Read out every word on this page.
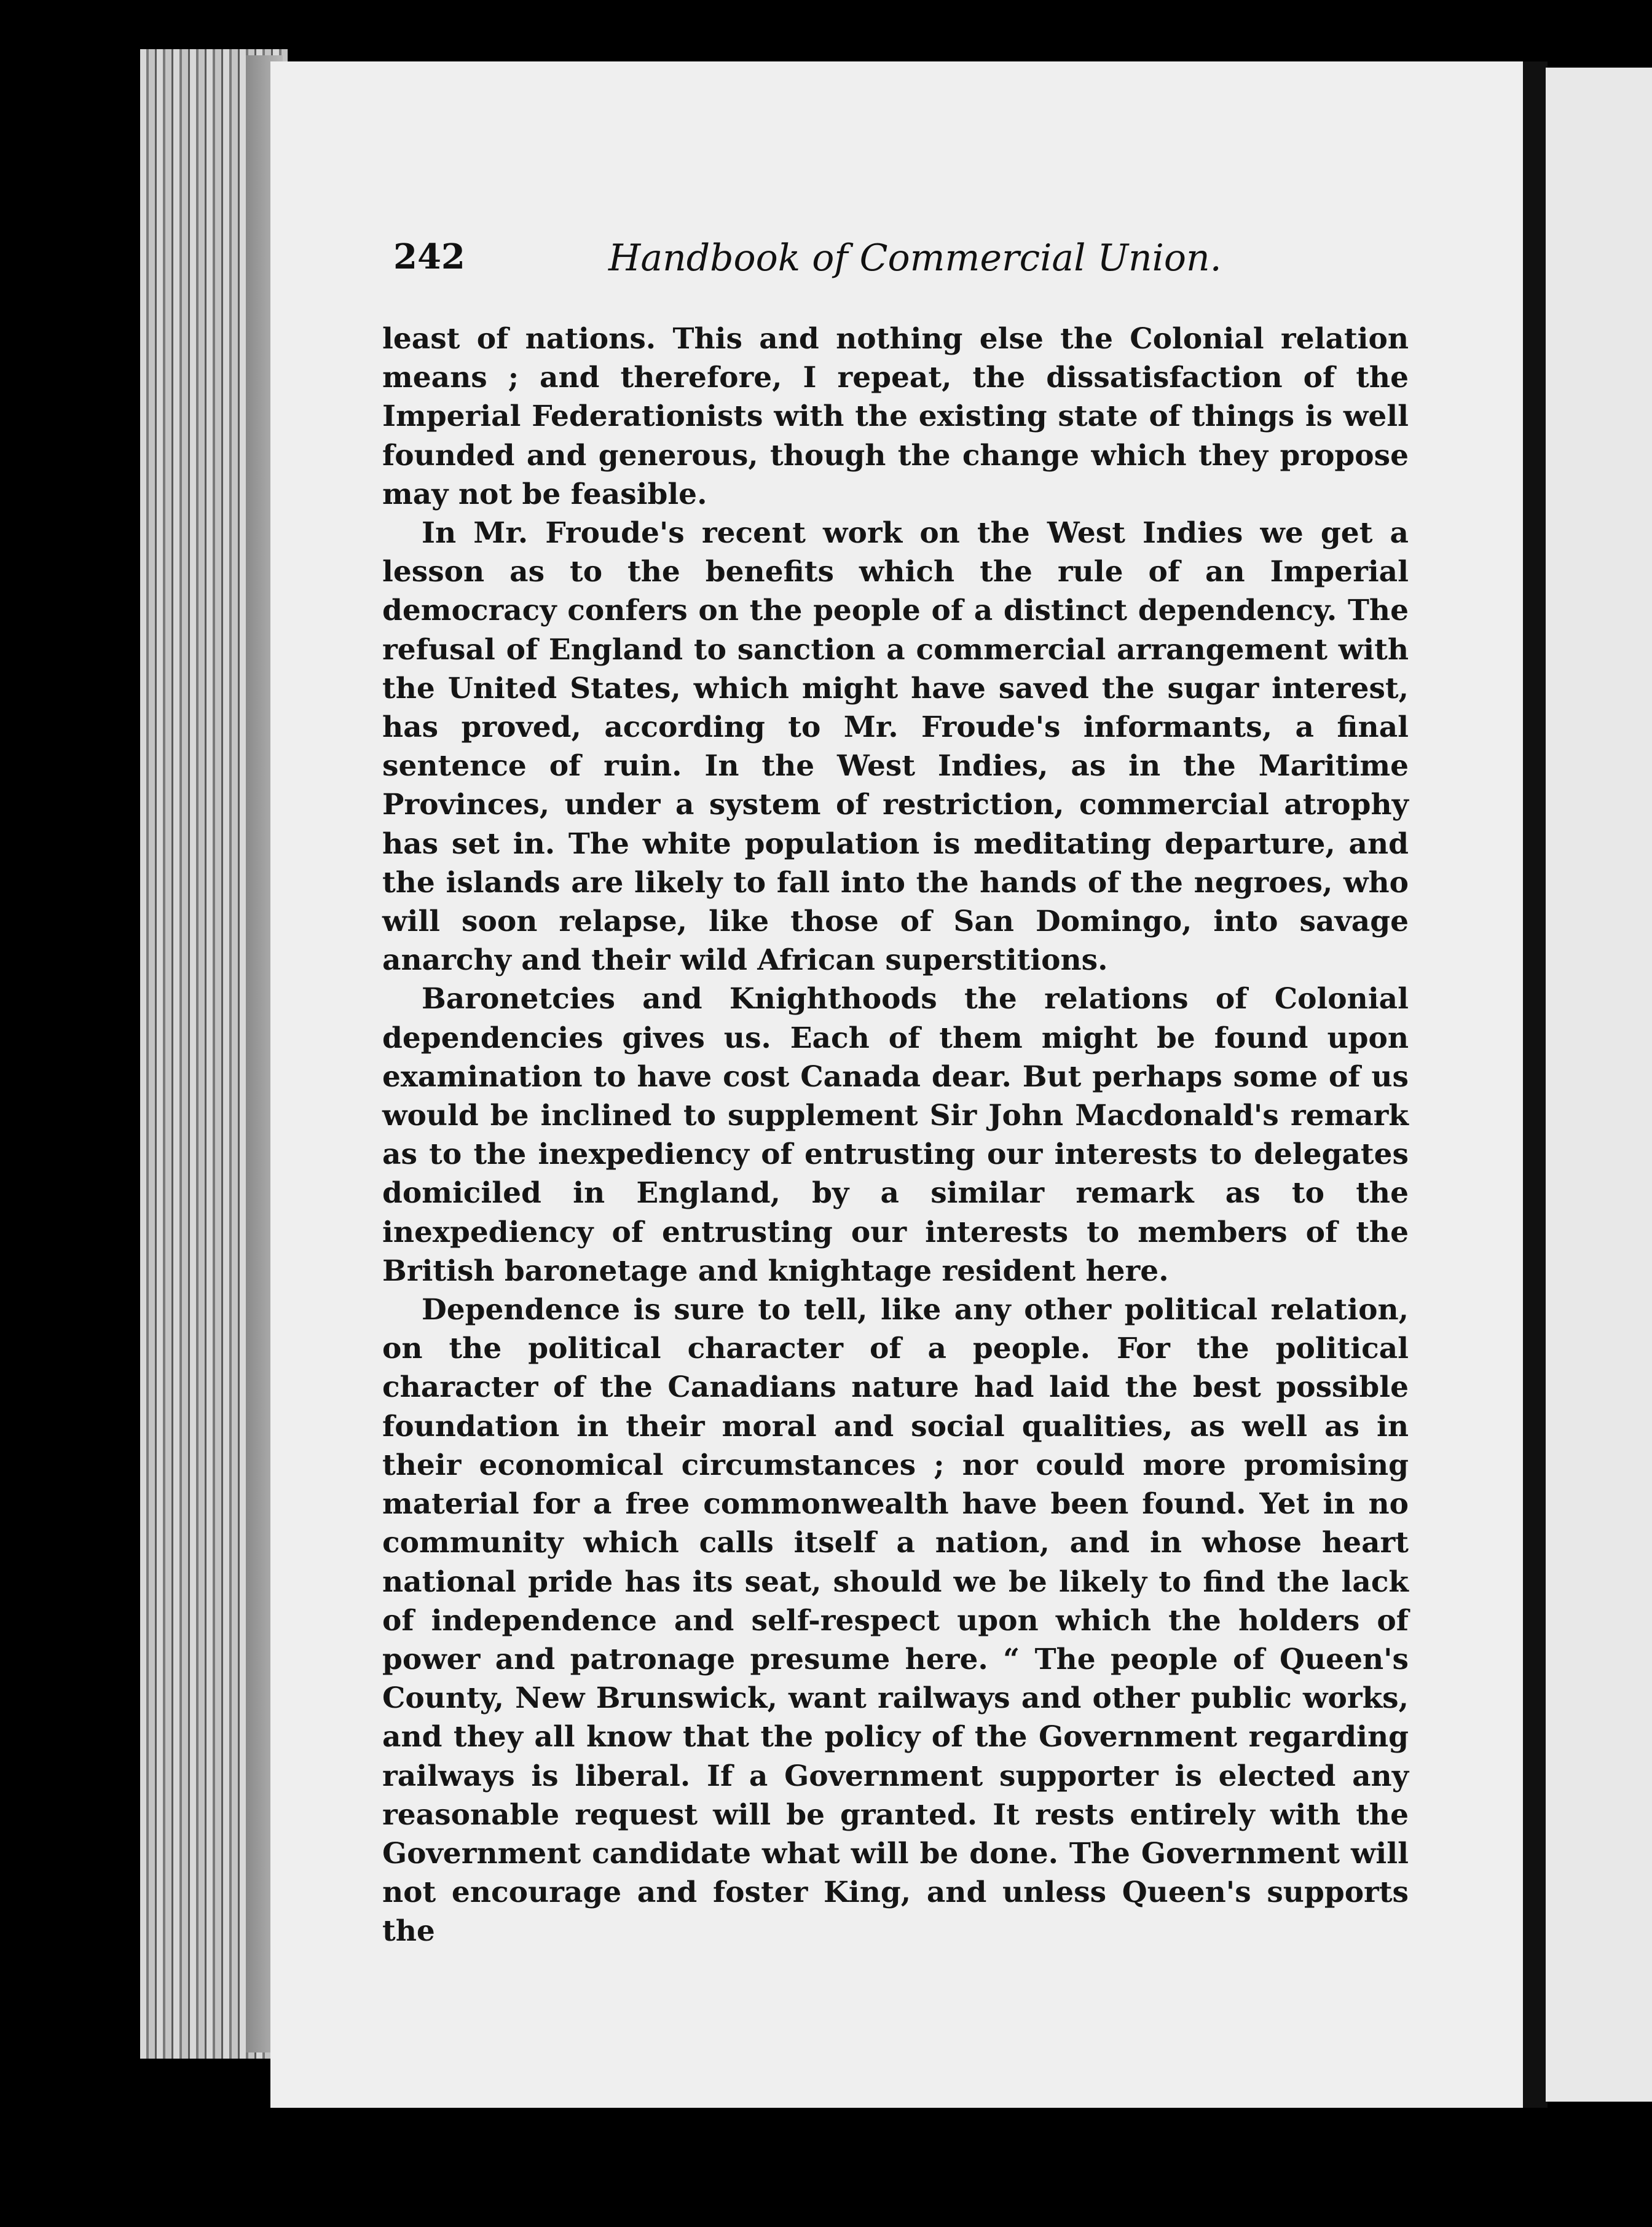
242	Handbook of Commercial Union.

least of nations. This and nothing else the Colonial relation means ; and therefore, I repeat, the dissatisfaction of the Imperial Federationists with the existing state of things is well founded and generous, though the change which they propose may not be feasible.

In Mr. Froude's recent work on the West Indies we get a lesson as to the benefits which the rule of an Imperial democracy confers on the people of a distinct dependency. The refusal of England to sanction a commercial arrangement with the United States, which might have saved the sugar interest, has proved, according to Mr. Froude's informants, a final sentence of ruin. In the West Indies, as in the Maritime Provinces, under a system of restriction, commercial atrophy has set in. The white population is meditating departure, and the islands are likely to fall into the hands of the negroes, who will soon relapse, like those of San Domingo, into savage anarchy and their wild African superstitions.

Baronetcies and Knighthoods the relations of Colonial dependencies gives us. Each of them might be found upon examination to have cost Canada dear. But perhaps some of us would be inclined to supplement Sir John Macdonald's remark as to the inexpediency of entrusting our interests to delegates domiciled in England, by a similar remark as to the inexpediency of entrusting our interests to members of the British baronetage and knightage resident here.

Dependence is sure to tell, like any other political relation, on the political character of a people. For the political character of the Canadians nature had laid the best possible foundation in their moral and social qualities, as well as in their economical circumstances ; nor could more promising material for a free commonwealth have been found. Yet in no community which calls itself a nation, and in whose heart national pride has its seat, should we be likely to find the lack of independence and self-respect upon which the holders of power and patronage presume here. “ The people of Queen's County, New Brunswick, want railways and other public works, and they all know that the policy of the Government regarding railways is liberal. If a Government supporter is elected any reasonable request will be granted. It rests entirely with the Government candidate what will be done. The Government will not encourage and foster King, and unless Queen's supports the
